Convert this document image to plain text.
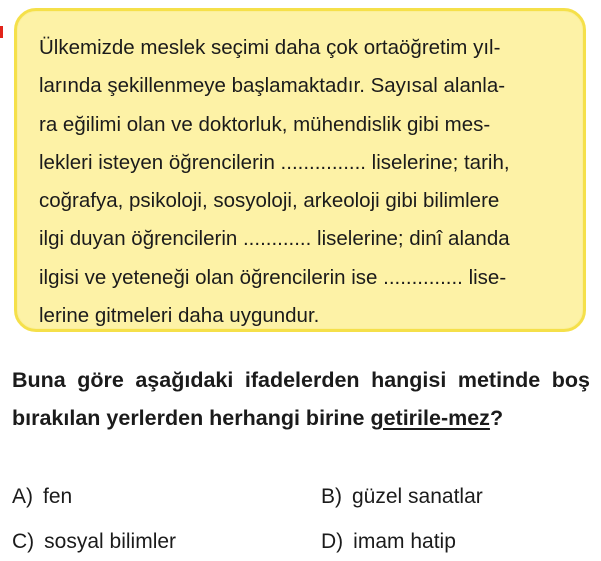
Ülkemizde meslek seçimi daha çok ortaöğretim yıl-
larında şekillenmeye başlamaktadır. Sayısal alanla-
ra eğilimi olan ve doktorluk, mühendislik gibi mes-
lekleri isteyen öğrencilerin ............... liselerine; tarih,
coğrafya, psikoloji, sosyoloji, arkeoloji gibi bilimlere
ilgi duyan öğrencilerin ............ liselerine; dinî alanda
ilgisi ve yeteneği olan öğrencilerin ise .............. lise-
lerine gitmeleri daha uygundur.

Buna göre aşağıdaki ifadelerden hangisi metinde boş bırakılan yerlerden herhangi birine getirile-mez?

A) fen	B) güzel sanatlar
C) sosyal bilimler	D) imam hatip
